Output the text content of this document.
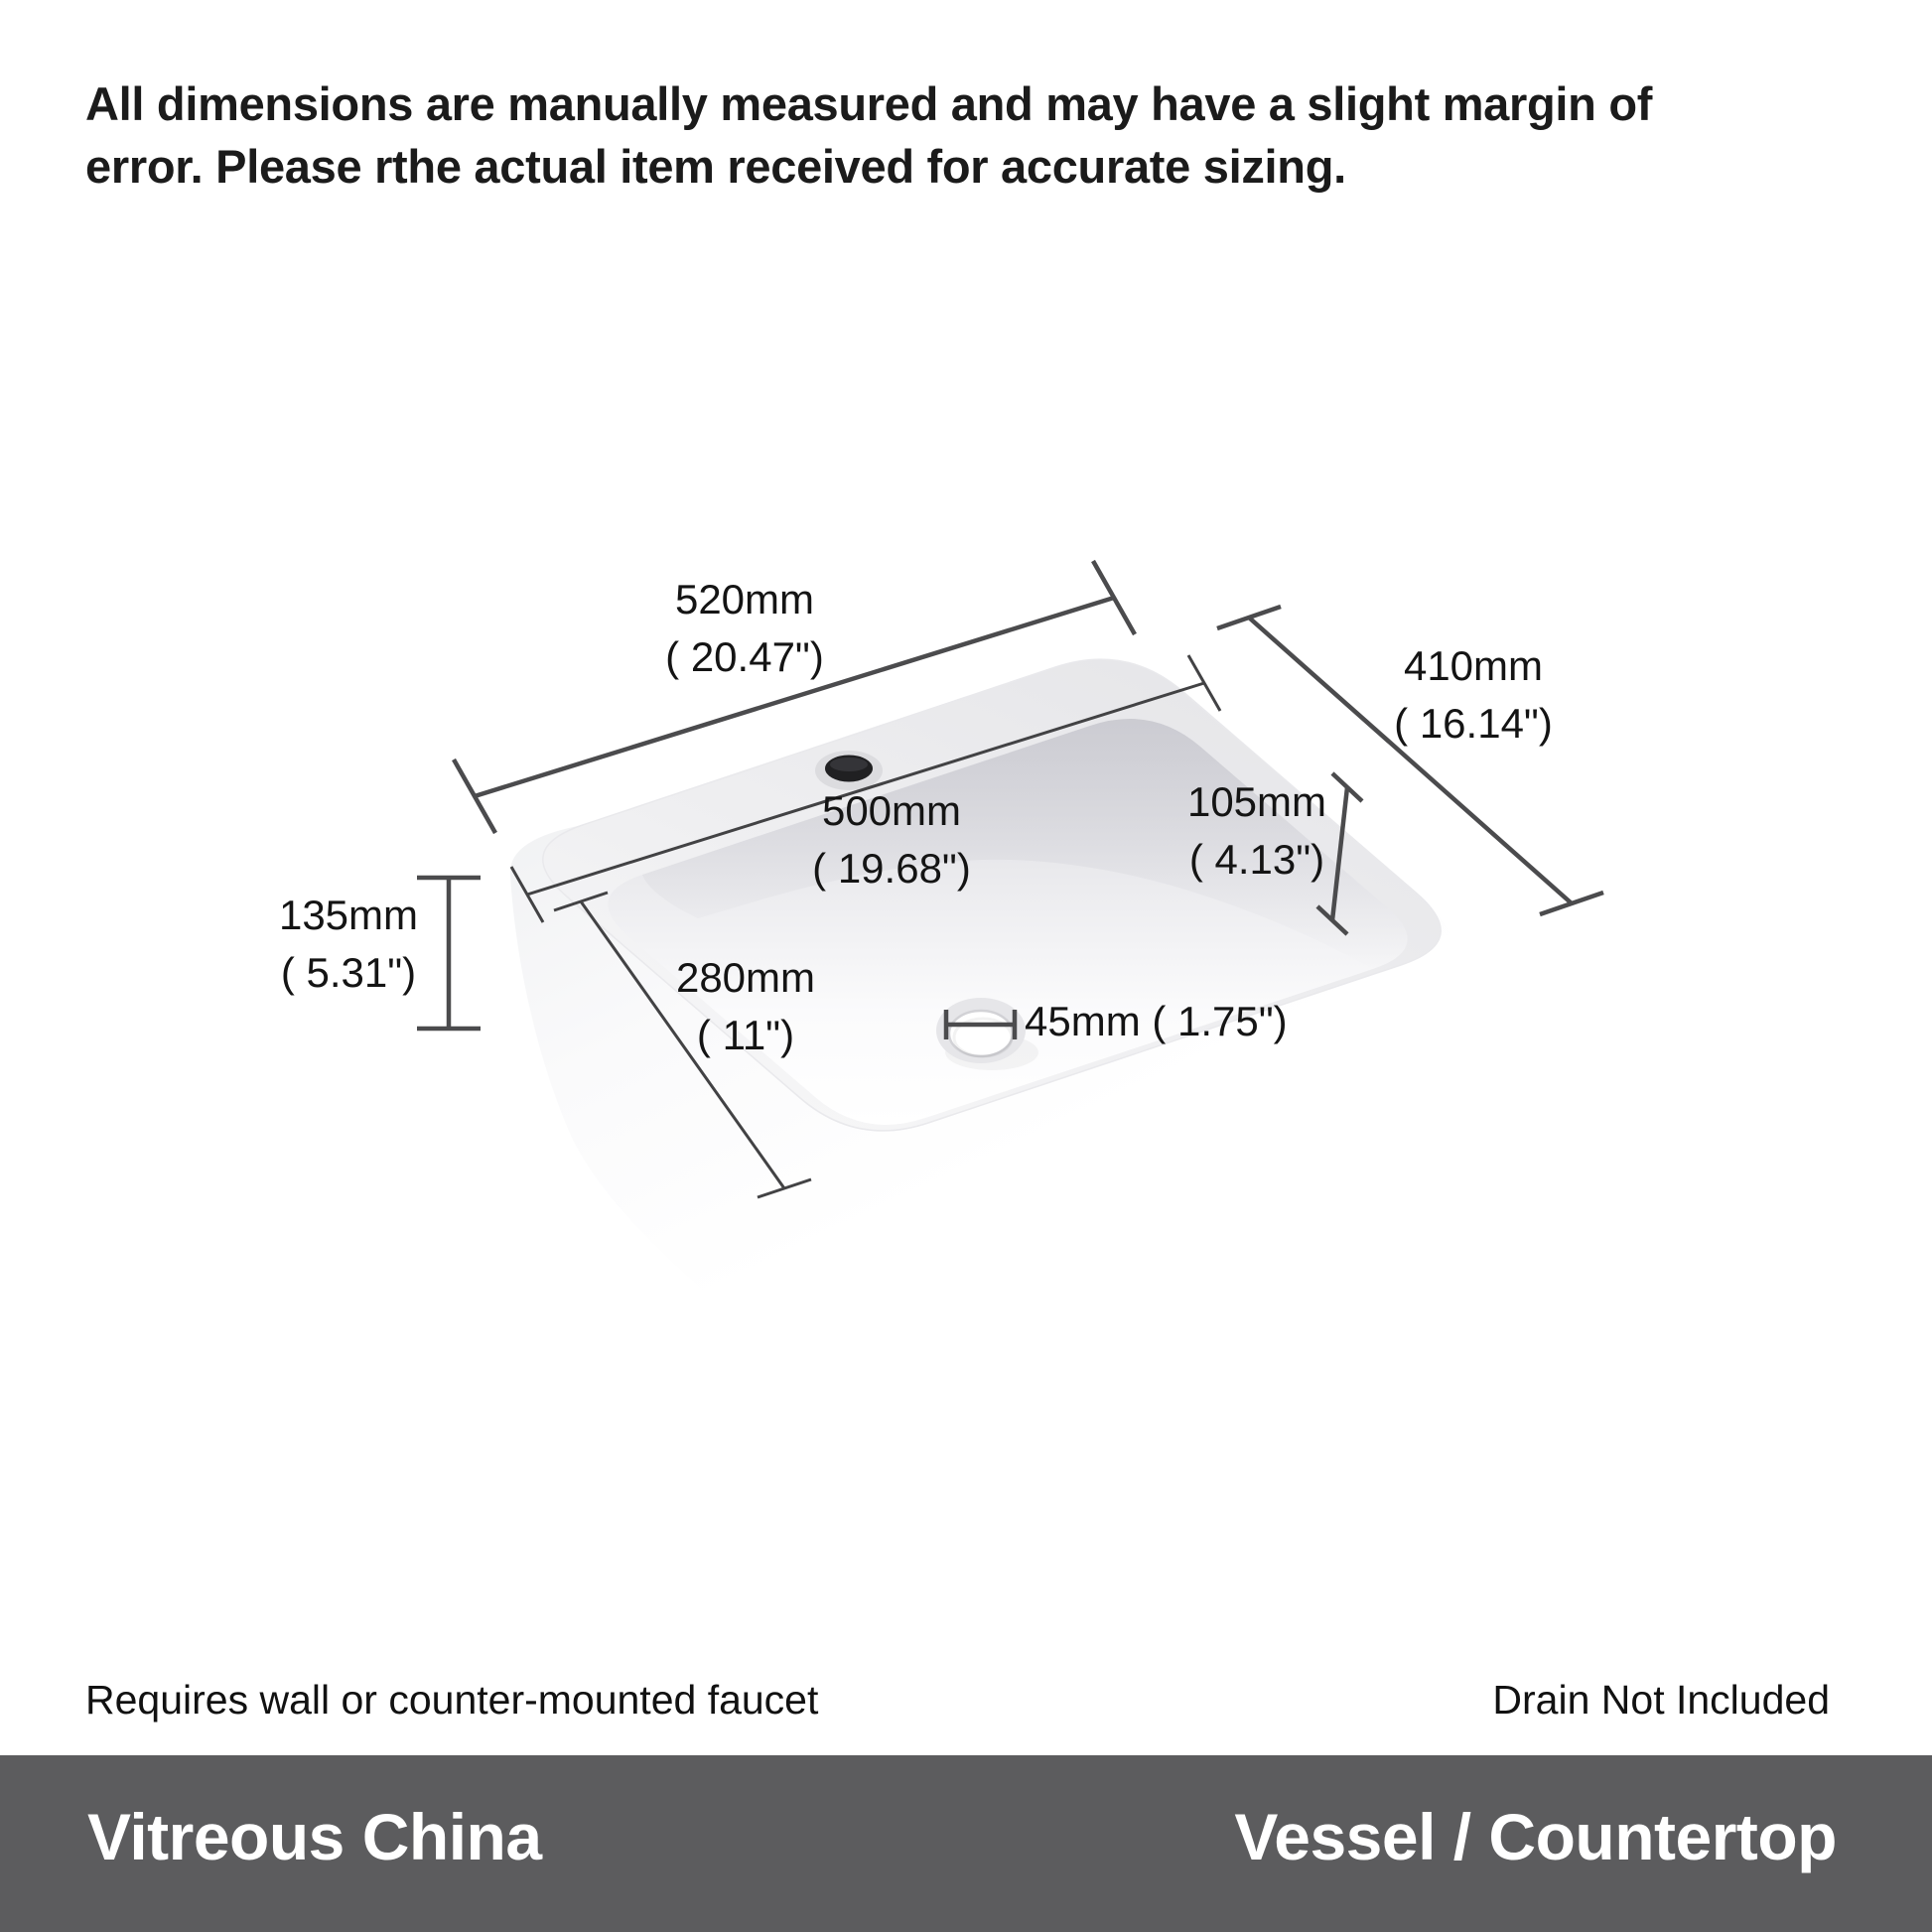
All dimensions are manually measured and may have a slight margin of
error. Please rthe actual item received for accurate sizing.
520mm
( 20.47")	410mm
( 16.14")
500mm
( 19.68")
105mm
( 4.13")
135mm
( 5.31")	280mm
( 11")	45mm ( 1.75")
Requires wall or counter-mounted faucet	Drain Not Included
Vitreous China	Vessel / Countertop
